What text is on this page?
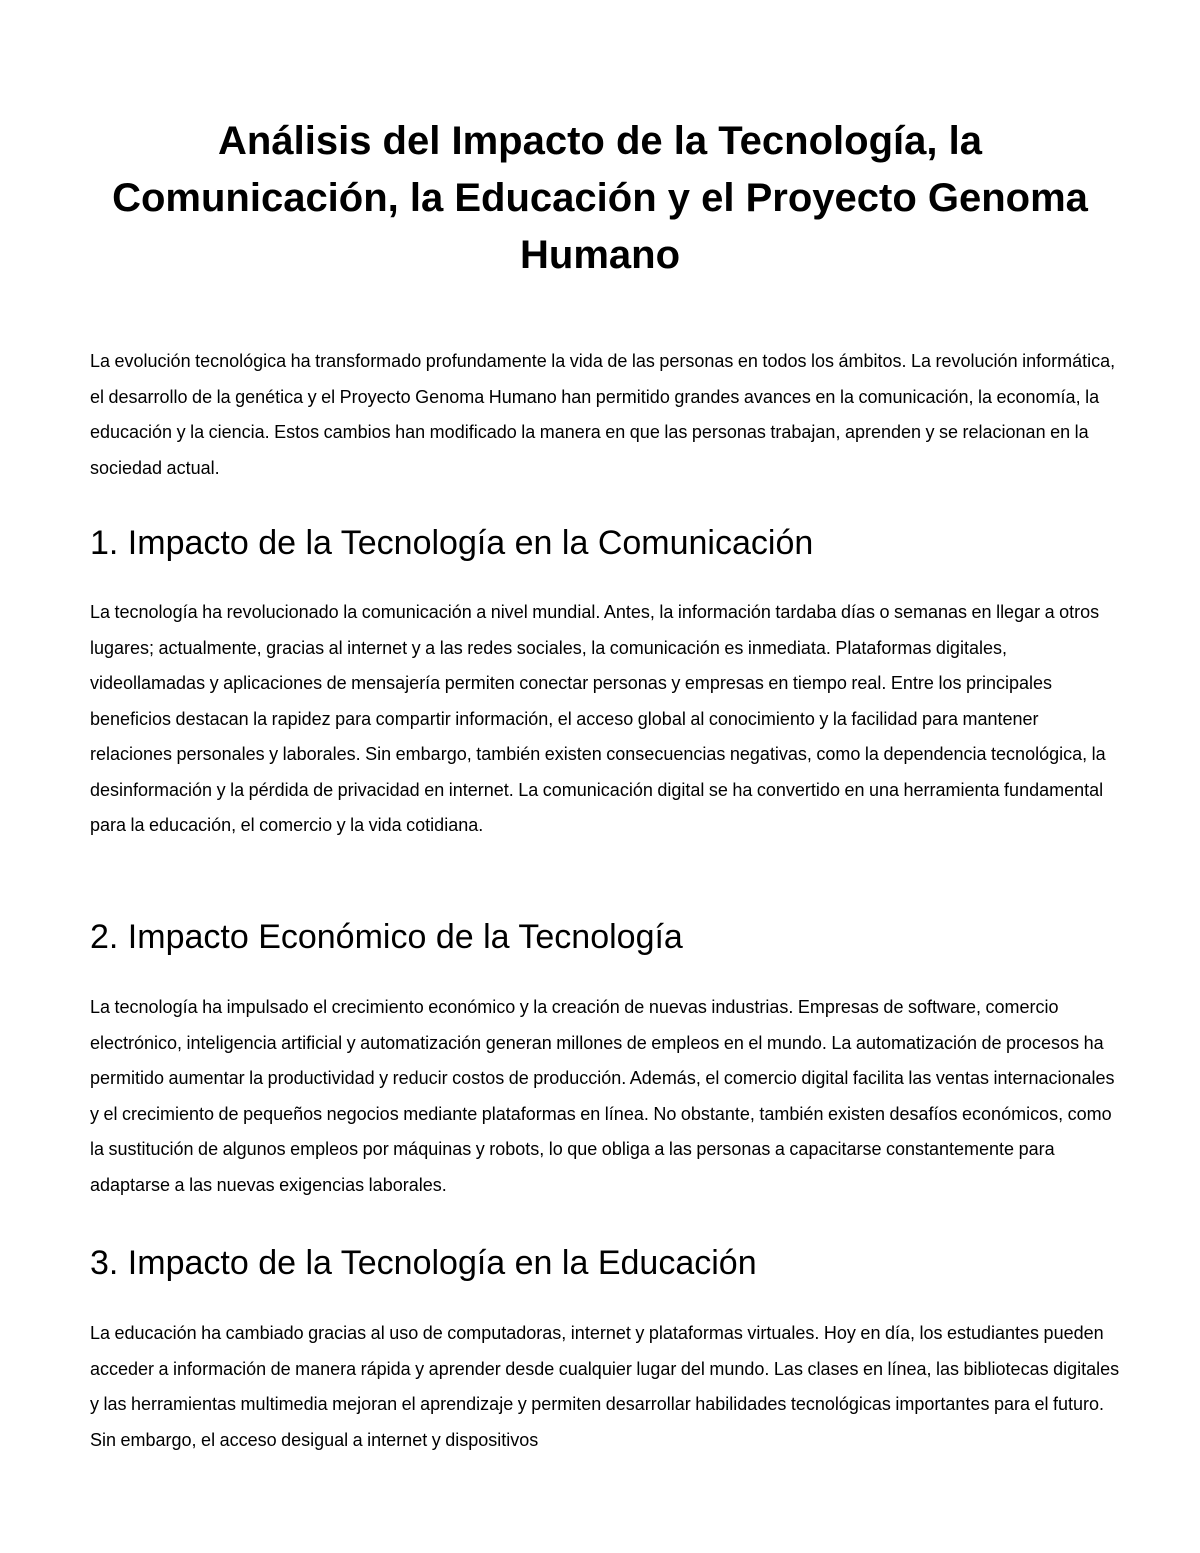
Análisis del Impacto de la Tecnología, la Comunicación, la Educación y el Proyecto Genoma Humano

La evolución tecnológica ha transformado profundamente la vida de las personas en todos los ámbitos. La revolución informática, el desarrollo de la genética y el Proyecto Genoma Humano han permitido grandes avances en la comunicación, la economía, la educación y la ciencia. Estos cambios han modificado la manera en que las personas trabajan, aprenden y se relacionan en la sociedad actual.

1. Impacto de la Tecnología en la Comunicación

La tecnología ha revolucionado la comunicación a nivel mundial. Antes, la información tardaba días o semanas en llegar a otros lugares; actualmente, gracias al internet y a las redes sociales, la comunicación es inmediata. Plataformas digitales, videollamadas y aplicaciones de mensajería permiten conectar personas y empresas en tiempo real. Entre los principales beneficios destacan la rapidez para compartir información, el acceso global al conocimiento y la facilidad para mantener relaciones personales y laborales. Sin embargo, también existen consecuencias negativas, como la dependencia tecnológica, la desinformación y la pérdida de privacidad en internet. La comunicación digital se ha convertido en una herramienta fundamental para la educación, el comercio y la vida cotidiana.

2. Impacto Económico de la Tecnología

La tecnología ha impulsado el crecimiento económico y la creación de nuevas industrias. Empresas de software, comercio electrónico, inteligencia artificial y automatización generan millones de empleos en el mundo. La automatización de procesos ha permitido aumentar la productividad y reducir costos de producción. Además, el comercio digital facilita las ventas internacionales y el crecimiento de pequeños negocios mediante plataformas en línea. No obstante, también existen desafíos económicos, como la sustitución de algunos empleos por máquinas y robots, lo que obliga a las personas a capacitarse constantemente para adaptarse a las nuevas exigencias laborales.

3. Impacto de la Tecnología en la Educación

La educación ha cambiado gracias al uso de computadoras, internet y plataformas virtuales. Hoy en día, los estudiantes pueden acceder a información de manera rápida y aprender desde cualquier lugar del mundo. Las clases en línea, las bibliotecas digitales y las herramientas multimedia mejoran el aprendizaje y permiten desarrollar habilidades tecnológicas importantes para el futuro. Sin embargo, el acceso desigual a internet y dispositivos
